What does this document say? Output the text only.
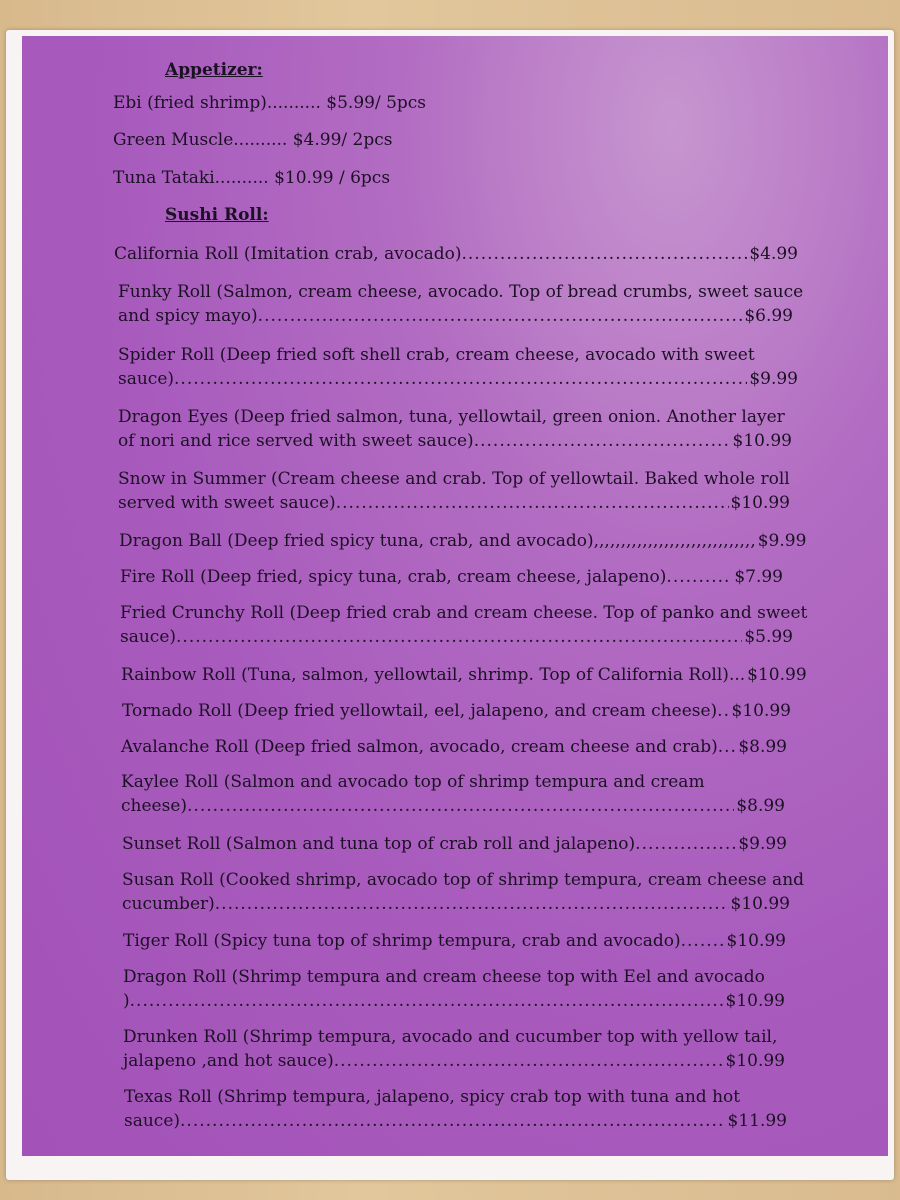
Appetizer:

Ebi (fried shrimp).......... $5.99/ 5pcs

Green Muscle.......... $4.99/ 2pcs

Tuna Tataki.......... $10.99 / 6pcs

Sushi Roll:

California Roll (Imitation crab, avocado) .....	$4.99
Funky Roll (Salmon, cream cheese, avocado. Top of bread crumbs, sweet sauce
and spicy mayo) .....	$6.99
Spider Roll (Deep fried soft shell crab, cream cheese, avocado with sweet
sauce) .....	$9.99
Dragon Eyes (Deep fried salmon, tuna, yellowtail, green onion. Another layer
of nori and rice served with sweet sauce) .....	$10.99
Snow in Summer (Cream cheese and crab. Top of yellowtail. Baked whole roll
served with sweet sauce) .....	$10.99
Dragon Ball (Deep fried spicy tuna, crab, and avocado),,,,,,,,,,,,,,,,,,,,,,,,,,,,,, $9.99
Fire Roll (Deep fried, spicy tuna, crab, cream cheese, jalapeno) .....	$7.99
Fried Crunchy Roll (Deep fried crab and cream cheese. Top of panko and sweet
sauce) .....	$5.99
Rainbow Roll (Tuna, salmon, yellowtail, shrimp. Top of California Roll)... $10.99
Tornado Roll (Deep fried yellowtail, eel, jalapeno, and cream cheese) ..... $10.99
Avalanche Roll (Deep fried salmon, avocado, cream cheese and crab) ..... $8.99
Kaylee Roll (Salmon and avocado top of shrimp tempura and cream
cheese) .....	$8.99
Sunset Roll (Salmon and tuna top of crab roll and jalapeno) .....	$9.99
Susan Roll (Cooked shrimp, avocado top of shrimp tempura, cream cheese and
cucumber) .....	$10.99
Tiger Roll (Spicy tuna top of shrimp tempura, crab and avocado) .....	$10.99
Dragon Roll (Shrimp tempura and cream cheese top with Eel and avocado
) .....	$10.99
Drunken Roll (Shrimp tempura, avocado and cucumber top with yellow tail,
jalapeno ,and hot sauce) .....	$10.99
Texas Roll (Shrimp tempura, jalapeno, spicy crab top with tuna and hot
sauce) .....	$11.99
